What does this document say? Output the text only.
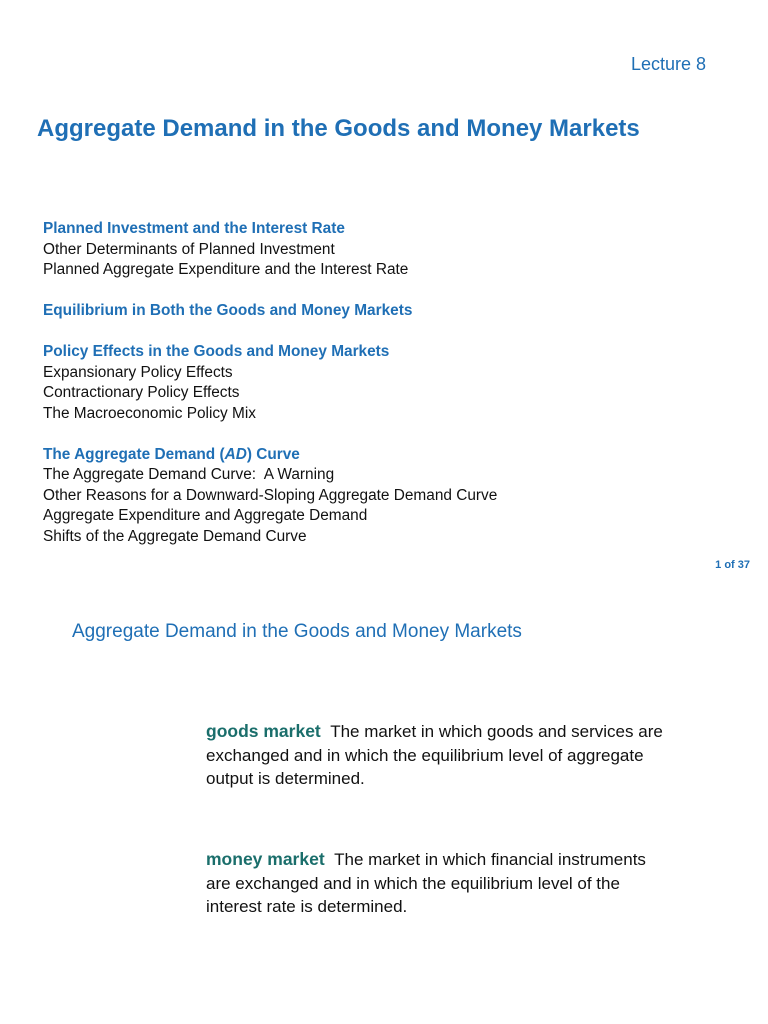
Lecture 8
Aggregate Demand in the Goods and Money Markets
Planned Investment and the Interest Rate
Other Determinants of Planned Investment
Planned Aggregate Expenditure and the Interest Rate
Equilibrium in Both the Goods and Money Markets
Policy Effects in the Goods and Money Markets
Expansionary Policy Effects
Contractionary Policy Effects
The Macroeconomic Policy Mix
The Aggregate Demand (AD) Curve
The Aggregate Demand Curve:  A Warning
Other Reasons for a Downward-Sloping Aggregate Demand Curve
Aggregate Expenditure and Aggregate Demand
Shifts of the Aggregate Demand Curve
1 of 37
Aggregate Demand in the Goods and Money Markets
goods market The market in which goods and services are exchanged and in which the equilibrium level of aggregate output is determined.
money market The market in which financial instruments are exchanged and in which the equilibrium level of the interest rate is determined.
